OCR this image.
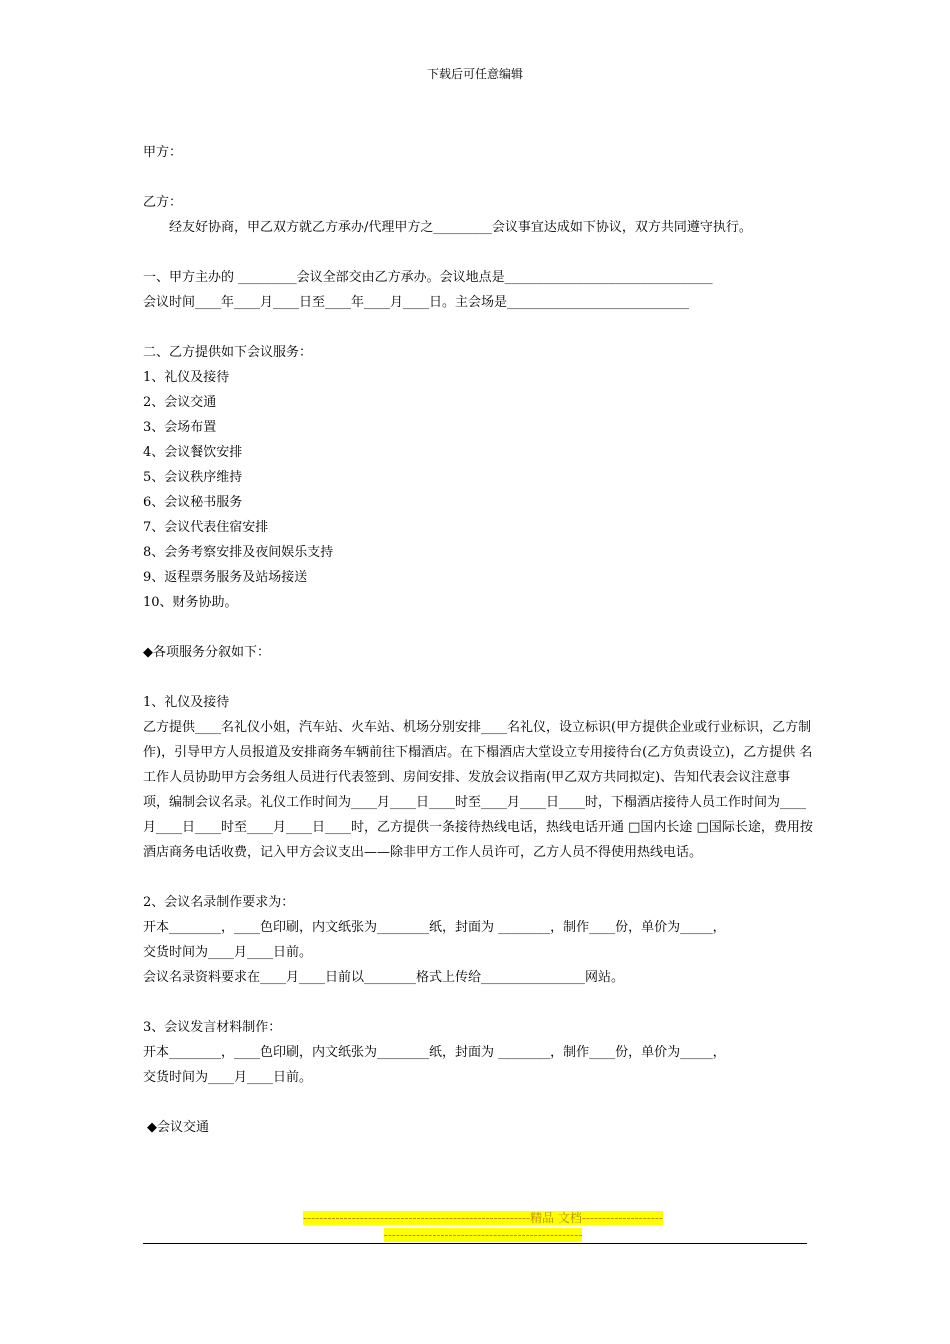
下载后可任意编辑

甲方：

乙方：

经友好协商，甲乙双方就乙方承办/代理甲方之_________会议事宜达成如下协议，双方共同遵守执行。

一、甲方主办的 _________会议全部交由乙方承办。会议地点是________________________________

会议时间____年____月____日至____年____月____日。主会场是____________________________

二、乙方提供如下会议服务：

1、礼仪及接待

2、会议交通

3、会场布置

4、会议餐饮安排

5、会议秩序维持

6、会议秘书服务

7、会议代表住宿安排

8、会务考察安排及夜间娱乐支持

9、返程票务服务及站场接送

10、财务协助。

◆各项服务分叙如下：

1、礼仪及接待

乙方提供____名礼仪小姐，汽车站、火车站、机场分别安排____名礼仪，设立标识(甲方提供企业或行业标识，乙方制作)，引导甲方人员报道及安排商务车辆前往下榻酒店。在下榻酒店大堂设立专用接待台(乙方负责设立)，乙方提供 名工作人员协助甲方会务组人员进行代表签到、房间安排、发放会议指南(甲乙双方共同拟定)、告知代表会议注意事项，编制会议名录。礼仪工作时间为____月____日____时至____月____日____时，下榻酒店接待人员工作时间为____月____日____时至____月____日____时，乙方提供一条接待热线电话，热线电话开通 □国内长途 □国际长途，费用按酒店商务电话收费，记入甲方会议支出——除非甲方工作人员许可，乙方人员不得使用热线电话。

2、会议名录制作要求为：

开本________，____色印刷，内文纸张为________纸，封面为 ________，制作____份，单价为_____，

交货时间为____月____日前。

会议名录资料要求在____月____日前以________格式上传给________________网站。

3、会议发言材料制作：

开本________，____色印刷，内文纸张为________纸，封面为 ________，制作____份，单价为_____，

交货时间为____月____日前。

◆会议交通

--------------------------------------------------------精品 文档---------------------------------------------------------------------
